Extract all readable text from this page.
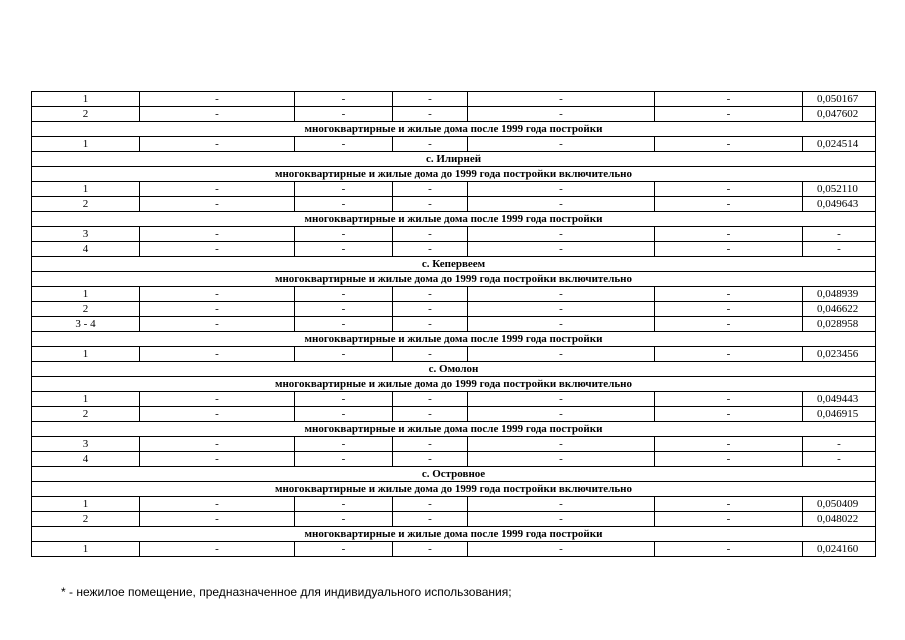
1	-	-	-	-	-	0,050167
2	-	-	-	-	-	0,047602
многоквартирные и жилые дома после 1999 года постройки						
1	-	-	-	-	-	0,024514
с. Илирней						
многоквартирные и жилые дома до 1999 года постройки включительно						
1	-	-	-	-	-	0,052110
2	-	-	-	-	-	0,049643
многоквартирные и жилые дома после 1999 года постройки						
3	-	-	-	-	-	-
4	-	-	-	-	-	-
с. Кепервеем						
многоквартирные и жилые дома до 1999 года постройки включительно						
1	-	-	-	-	-	0,048939
2	-	-	-	-	-	0,046622
3 - 4	-	-	-	-	-	0,028958
многоквартирные и жилые дома после 1999 года постройки						
1	-	-	-	-	-	0,023456
с. Омолон						
многоквартирные и жилые дома до 1999 года постройки включительно						
1	-	-	-	-	-	0,049443
2	-	-	-	-	-	0,046915
многоквартирные и жилые дома после 1999 года постройки						
3	-	-	-	-	-	-
4	-	-	-	-	-	-
с. Островное						
многоквартирные и жилые дома до 1999 года постройки включительно						
1	-	-	-	-	-	0,050409
2	-	-	-	-	-	0,048022
многоквартирные и жилые дома после 1999 года постройки						
1	-	-	-	-	-	0,024160
* - нежилое помещение, предназначенное для индивидуального использования;
